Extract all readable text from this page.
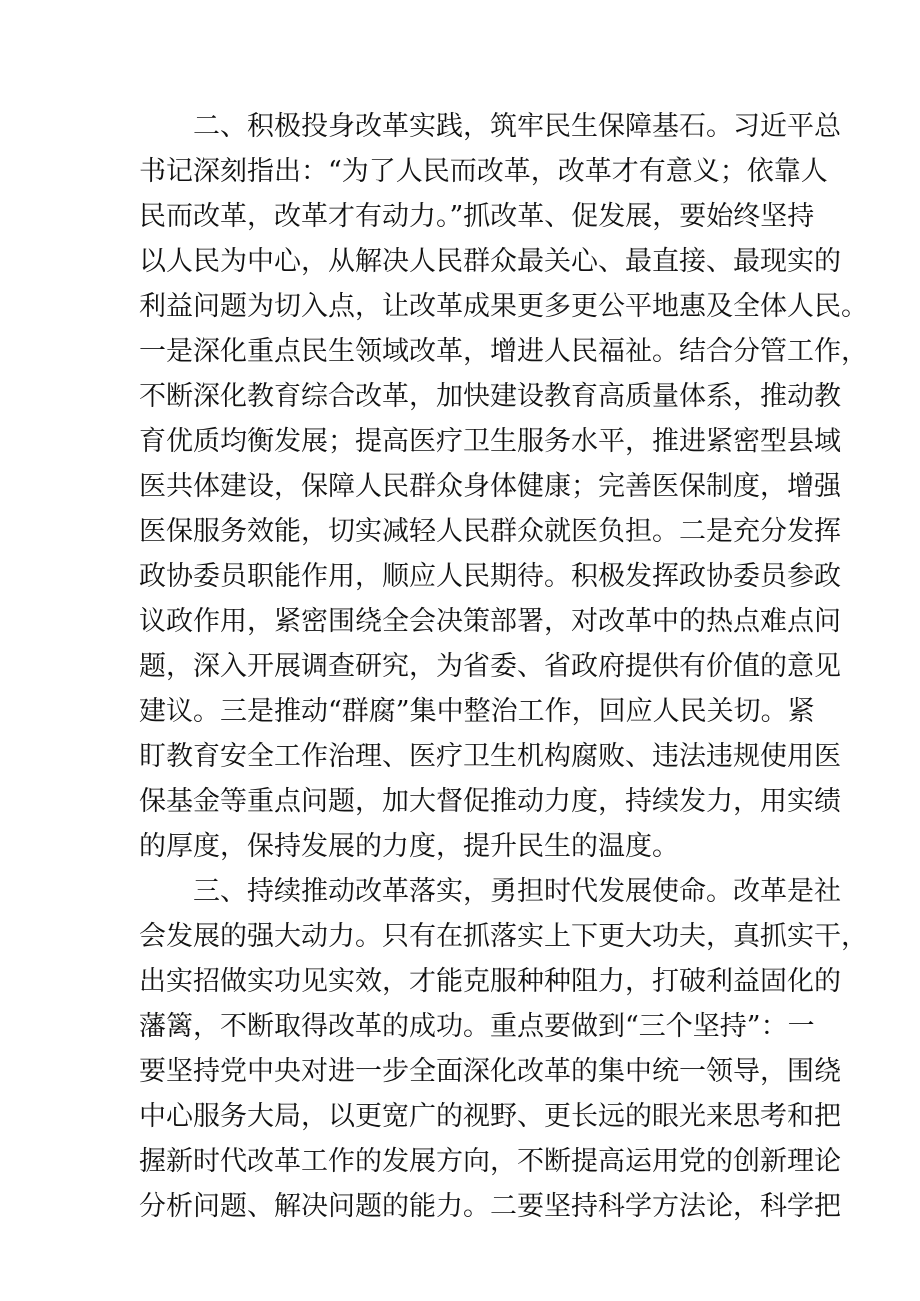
二、积极投身改革实践，筑牢民生保障基石。习近平总
书记深刻指出：“为了人民而改革，改革才有意义；依靠人
民而改革，改革才有动力。”抓改革、促发展，要始终坚持
以人民为中心，从解决人民群众最关心、最直接、最现实的
利益问题为切入点，让改革成果更多更公平地惠及全体人民。
一是深化重点民生领域改革，增进人民福祉。结合分管工作，
不断深化教育综合改革，加快建设教育高质量体系，推动教
育优质均衡发展；提高医疗卫生服务水平，推进紧密型县域
医共体建设，保障人民群众身体健康；完善医保制度，增强
医保服务效能，切实减轻人民群众就医负担。二是充分发挥
政协委员职能作用，顺应人民期待。积极发挥政协委员参政
议政作用，紧密围绕全会决策部署，对改革中的热点难点问
题，深入开展调查研究，为省委、省政府提供有价值的意见
建议。三是推动“群腐”集中整治工作，回应人民关切。紧
盯教育安全工作治理、医疗卫生机构腐败、违法违规使用医
保基金等重点问题，加大督促推动力度，持续发力，用实绩
的厚度，保持发展的力度，提升民生的温度。
三、持续推动改革落实，勇担时代发展使命。改革是社
会发展的强大动力。只有在抓落实上下更大功夫，真抓实干，
出实招做实功见实效，才能克服种种阻力，打破利益固化的
藩篱，不断取得改革的成功。重点要做到“三个坚持”：一
要坚持党中央对进一步全面深化改革的集中统一领导，围绕
中心服务大局，以更宽广的视野、更长远的眼光来思考和把
握新时代改革工作的发展方向，不断提高运用党的创新理论
分析问题、解决问题的能力。二要坚持科学方法论，科学把
